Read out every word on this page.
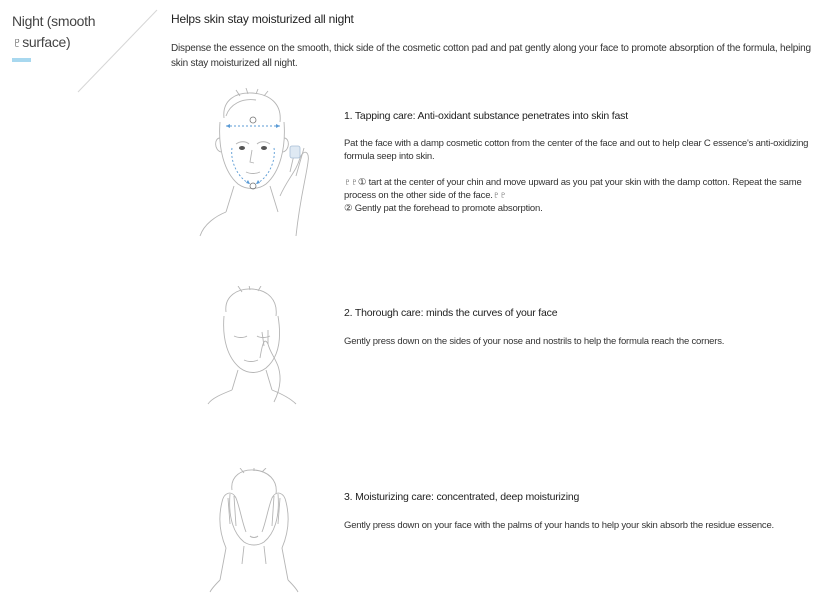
Night (smooth
♇surface)
Helps skin stay moisturized all night
Dispense the essence on the smooth, thick side of the cosmetic cotton pad and pat gently along your face to promote absorption of the formula, helping skin stay moisturized all night.
1. Tapping care: Anti-oxidant substance penetrates into skin fast

Pat the face with a damp cosmetic cotton from the center of the face and out to help clear C essence's anti-oxidizing formula seep into skin.

♇♇① tart at the center of your chin and move upward as you pat your skin with the damp cotton. Repeat the same process on the other side of the face.♇♇

② Gently pat the forehead to promote absorption.

2. Thorough care: minds the curves of your face

Gently press down on the sides of your nose and nostrils to help the formula reach the corners.

3. Moisturizing care: concentrated, deep moisturizing

Gently press down on your face with the palms of your hands to help your skin absorb the residue essence.
